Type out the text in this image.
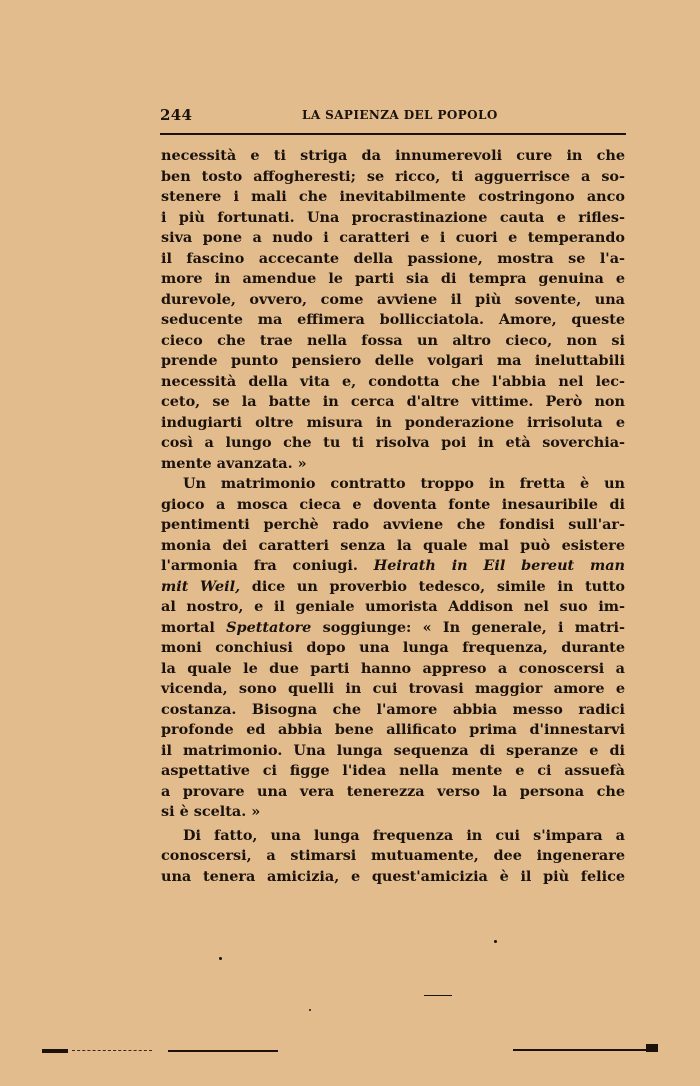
244	LA SAPIENZA DEL POPOLO
necessità e ti striga da innumerevoli cure in che
ben tosto affogheresti; se ricco, ti agguerrisce a so-
stenere i mali che inevitabilmente costringono anco
i più fortunati. Una procrastinazione cauta e rifles-
siva pone a nudo i caratteri e i cuori e temperando
il fascino accecante della passione, mostra se l'a-
more in amendue le parti sia di tempra genuina e
durevole, ovvero, come avviene il più sovente, una
seducente ma effimera bollicciatola. Amore, queste
cieco che trae nella fossa un altro cieco, non si
prende punto pensiero delle volgari ma ineluttabili
necessità della vita e, condotta che l'abbia nel lec-
ceto, se la batte in cerca d'altre vittime. Però non
indugiarti oltre misura in ponderazione irrisoluta e
così a lungo che tu ti risolva poi in età soverchia-
mente avanzata. »
Un matrimonio contratto troppo in fretta è un
gioco a mosca cieca e doventa fonte inesauribile di
pentimenti perchè rado avviene che fondisi sull'ar-
monia dei caratteri senza la quale mal può esistere
l'armonia fra coniugi. Heirath in Eil bereut man
mit Weil, dice un proverbio tedesco, simile in tutto
al nostro, e il geniale umorista Addison nel suo im-
mortal Spettatore soggiunge: « In generale, i matri-
moni conchiusi dopo una lunga frequenza, durante
la quale le due parti hanno appreso a conoscersi a
vicenda, sono quelli in cui trovasi maggior amore e
costanza. Bisogna che l'amore abbia messo radici
profonde ed abbia bene allificato prima d'innestarvi
il matrimonio. Una lunga sequenza di speranze e di
aspettative ci figge l'idea nella mente e ci assuefà
a provare una vera tenerezza verso la persona che
si è scelta. »
Di fatto, una lunga frequenza in cui s'impara a
conoscersi, a stimarsi mutuamente, dee ingenerare
una tenera amicizia, e quest'amicizia è il più felice
